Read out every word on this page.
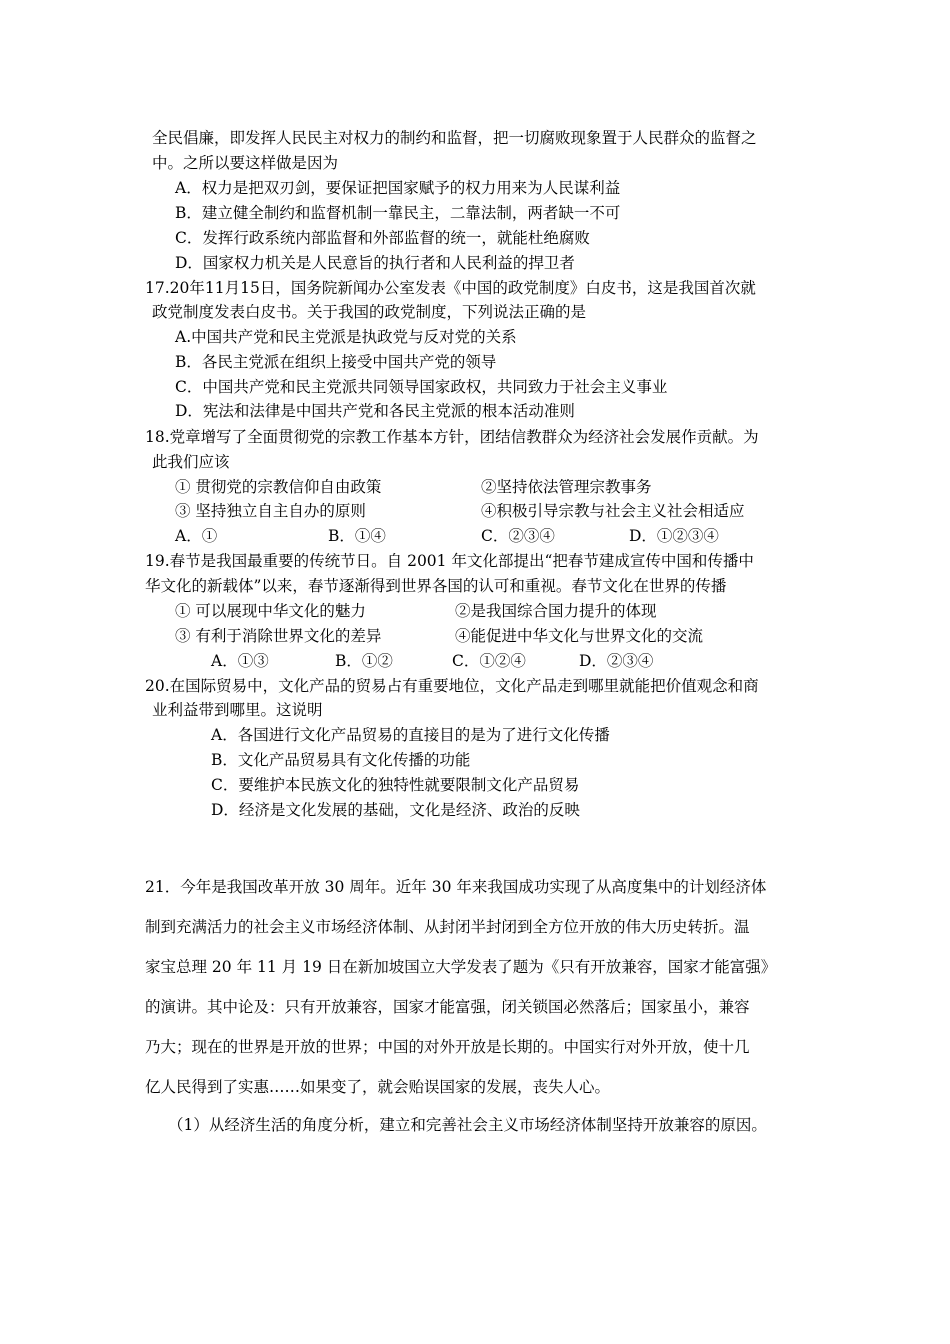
全民倡廉，即发挥人民民主对权力的制约和监督，把一切腐败现象置于人民群众的监督之
中。之所以要这样做是因为
A．权力是把双刃剑，要保证把国家赋予的权力用来为人民谋利益
B．建立健全制约和监督机制一靠民主，二靠法制，两者缺一不可
C．发挥行政系统内部监督和外部监督的统一，就能杜绝腐败
D．国家权力机关是人民意旨的执行者和人民利益的捍卫者
17.20年11月15日，国务院新闻办公室发表《中国的政党制度》白皮书，这是我国首次就
政党制度发表白皮书。关于我国的政党制度，下列说法正确的是
A.中国共产党和民主党派是执政党与反对党的关系
B．各民主党派在组织上接受中国共产党的领导
C．中国共产党和民主党派共同领导国家政权，共同致力于社会主义事业
D．宪法和法律是中国共产党和各民主党派的根本活动准则
18.党章增写了全面贯彻党的宗教工作基本方针，团结信教群众为经济社会发展作贡献。为
此我们应该
① 贯彻党的宗教信仰自由政策	②坚持依法管理宗教事务
③ 坚持独立自主自办的原则	④积极引导宗教与社会主义社会相适应
A．①	B．①④	C．②③④	D．①②③④
19.春节是我国最重要的传统节日。自 2001 年文化部提出“把春节建成宣传中国和传播中
华文化的新载体”以来，春节逐渐得到世界各国的认可和重视。春节文化在世界的传播
① 可以展现中华文化的魅力	②是我国综合国力提升的体现
③ 有利于消除世界文化的差异	④能促进中华文化与世界文化的交流
A．①③	B．①②	C．①②④	D．②③④
20.在国际贸易中，文化产品的贸易占有重要地位，文化产品走到哪里就能把价值观念和商
业利益带到哪里。这说明
A．各国进行文化产品贸易的直接目的是为了进行文化传播
B．文化产品贸易具有文化传播的功能
C．要维护本民族文化的独特性就要限制文化产品贸易
D．经济是文化发展的基础，文化是经济、政治的反映
21．今年是我国改革开放 30 周年。近年 30 年来我国成功实现了从高度集中的计划经济体
制到充满活力的社会主义市场经济体制、从封闭半封闭到全方位开放的伟大历史转折。温
家宝总理 20 年 11 月 19 日在新加坡国立大学发表了题为《只有开放兼容，国家才能富强》
的演讲。其中论及：只有开放兼容，国家才能富强，闭关锁国必然落后；国家虽小，兼容
乃大；现在的世界是开放的世界；中国的对外开放是长期的。中国实行对外开放，使十几
亿人民得到了实惠……如果变了，就会贻误国家的发展，丧失人心。
（1）从经济生活的角度分析，建立和完善社会主义市场经济体制坚持开放兼容的原因。
